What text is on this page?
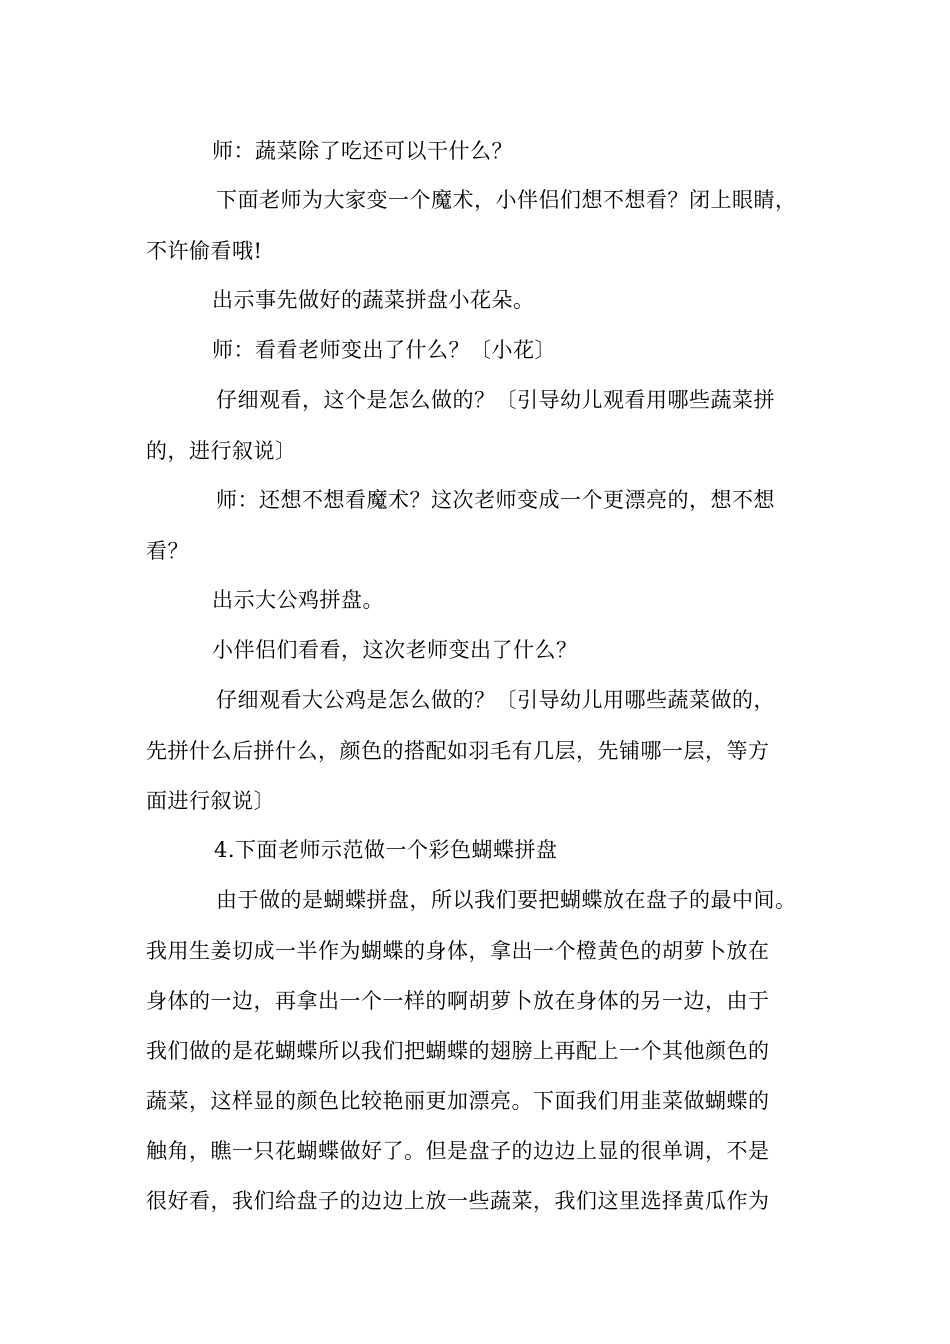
师：蔬菜除了吃还可以干什么？
下面老师为大家变一个魔术，小伴侣们想不想看？闭上眼睛，
不许偷看哦!
出示事先做好的蔬菜拼盘小花朵。
师：看看老师变出了什么？〔小花〕
仔细观看，这个是怎么做的？〔引导幼儿观看用哪些蔬菜拼
的，进行叙说〕
师：还想不想看魔术？这次老师变成一个更漂亮的，想不想
看？
出示大公鸡拼盘。
小伴侣们看看，这次老师变出了什么？
仔细观看大公鸡是怎么做的？〔引导幼儿用哪些蔬菜做的，
先拼什么后拼什么，颜色的搭配如羽毛有几层，先铺哪一层，等方
面进行叙说〕
4.下面老师示范做一个彩色蝴蝶拼盘
由于做的是蝴蝶拼盘，所以我们要把蝴蝶放在盘子的最中间。
我用生姜切成一半作为蝴蝶的身体，拿出一个橙黄色的胡萝卜放在
身体的一边，再拿出一个一样的啊胡萝卜放在身体的另一边，由于
我们做的是花蝴蝶所以我们把蝴蝶的翅膀上再配上一个其他颜色的
蔬菜，这样显的颜色比较艳丽更加漂亮。下面我们用韭菜做蝴蝶的
触角，瞧一只花蝴蝶做好了。但是盘子的边边上显的很单调，不是
很好看，我们给盘子的边边上放一些蔬菜，我们这里选择黄瓜作为
